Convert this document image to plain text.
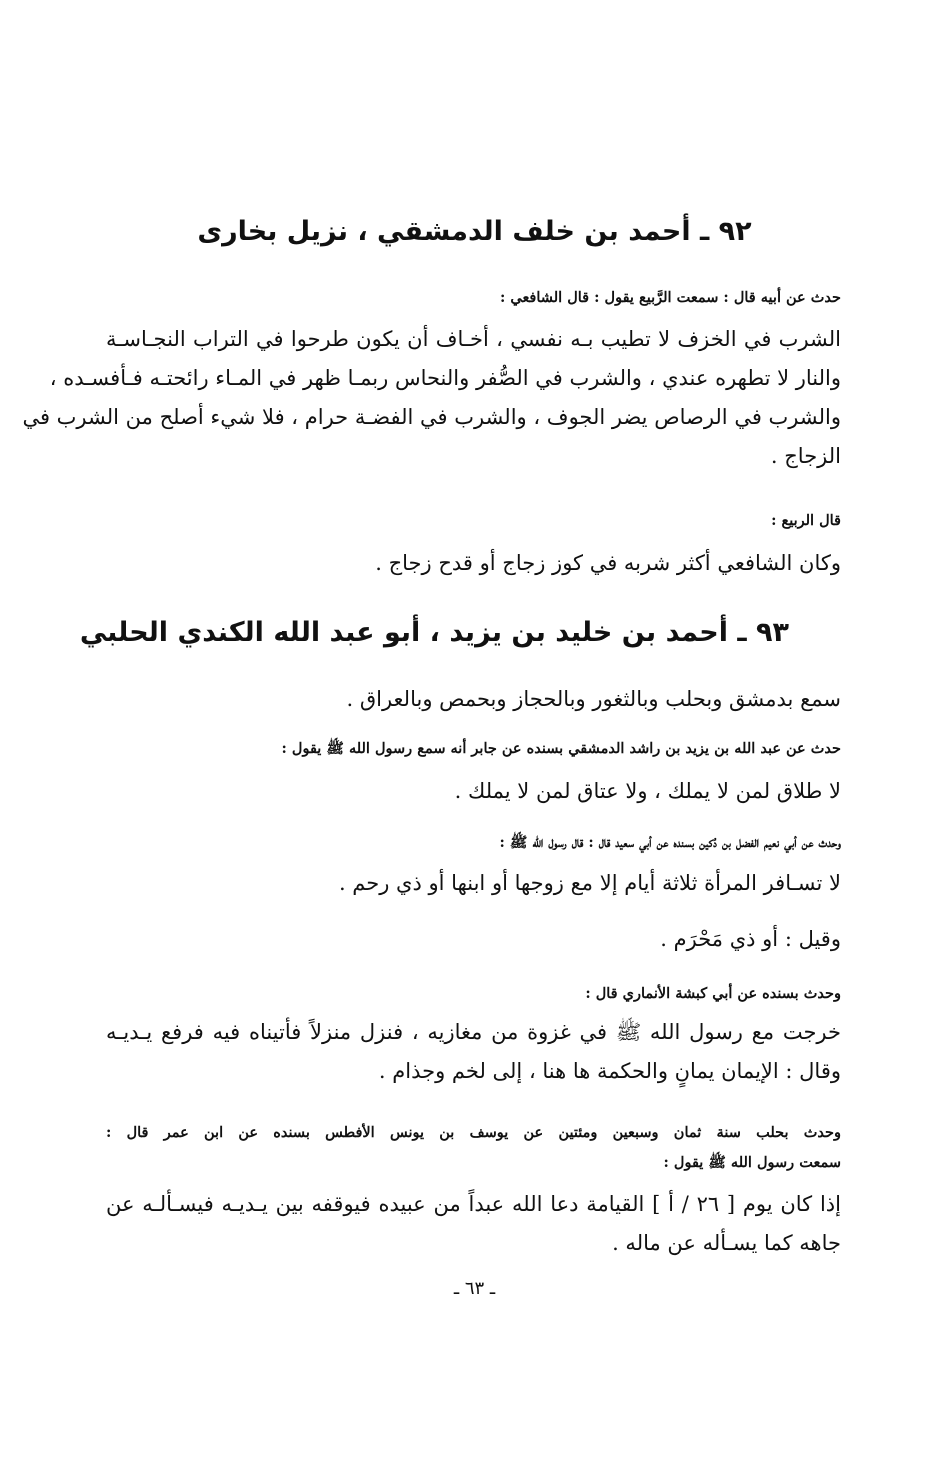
٩٢ ـ أحمد بن خلف الدمشقي ، نزيل بخارى
حدث عن أبيه قال : سمعت الرَّبيع يقول : قال الشافعي :
الشرب في الخزف لا تطيب بـه نفسي ، أخـاف أن يكون طرحوا في التراب النجـاسـة
والنار لا تطهره عندي ، والشرب في الصُّفر والنحاس ربمـا ظهر في المـاء رائحتـه فـأفسـده ،
والشرب في الرصاص يضر الجوف ، والشرب في الفضـة حرام ، فلا شيء أصلح من الشرب في
الزجاج .
قال الربيع :
وكان الشافعي أكثر شربه في كوز زجاج أو قدح زجاج .
٩٣ ـ أحمد بن خليد بن يزيد ، أبو عبد الله الكندي الحلبي
سمع بدمشق وبحلب وبالثغور وبالحجاز وبحمص وبالعراق .
حدث عن عبد الله بن يزيد بن راشد الدمشقي بسنده عن جابر أنه سمع رسول الله ﷺ يقول :
لا طلاق لمن لا يملك ، ولا عتاق لمن لا يملك .
وحدث عن أبي نعيم الفضل بن دُكين بسنده عن أبي سعيد قال : قال رسول الله ﷺ :
لا تسـافر المرأة ثلاثة أيام إلا مع زوجها أو ابنها أو ذي رحم .
وقيل : أو ذي مَحْرَم .
وحدث بسنده عن أبي كبشة الأنماري قال :
خرجت مع رسول الله ﷺ في غزوة من مغازيه ، فنزل منزلاً فأتيناه فيه فرفع يـديـه
وقال : الإيمان يمانٍ والحكمة ها هنا ، إلى لخم وجذام .
وحدث بحلب سنة ثمان وسبعين ومئتين عن يوسف بن يونس الأفطس بسنده عن ابن عمر قال :
سمعت رسول الله ﷺ يقول :
إذا كان يوم [ ٢٦ / أ ] القيامة دعا الله عبداً من عبيده فيوقفه بين يـديـه فيسـألـه عن
جاهه كما يسـأله عن ماله .
ـ ٦٣ ـ
